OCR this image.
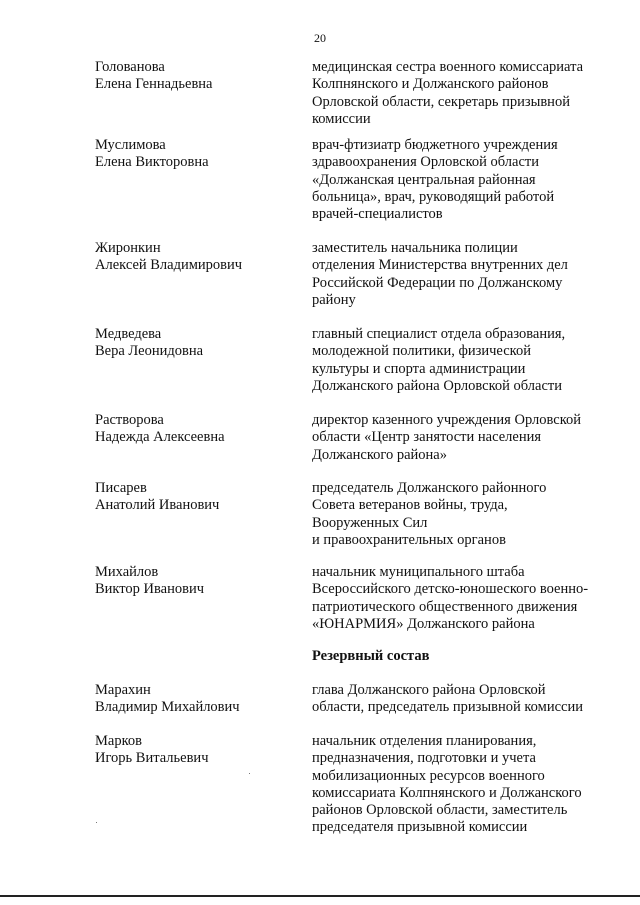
20
Голованова
Елена Геннадьевна
медицинская сестра военного комиссариата
Колпнянского и Должанского районов
Орловской области, секретарь призывной
комиссии
Муслимова
Елена Викторовна
врач-фтизиатр бюджетного учреждения
здравоохранения Орловской области
«Должанская центральная районная
больница», врач, руководящий работой
врачей-специалистов
Жиронкин
Алексей Владимирович
заместитель начальника полиции
отделения Министерства внутренних дел
Российской Федерации по Должанскому
району
Медведева
Вера Леонидовна
главный специалист отдела образования,
молодежной политики, физической
культуры и спорта администрации
Должанского района Орловской области
Растворова
Надежда Алексеевна
директор казенного учреждения Орловской
области «Центр занятости населения
Должанского района»
Писарев
Анатолий Иванович
председатель Должанского районного
Совета ветеранов войны, труда,
Вооруженных Сил
и правоохранительных органов
Михайлов
Виктор Иванович
начальник муниципального штаба
Всероссийского детско-юношеского военно-
патриотического общественного движения
«ЮНАРМИЯ» Должанского района
Резервный состав
Марахин
Владимир Михайлович
глава Должанского района Орловской
области, председатель призывной комиссии
Марков
Игорь Витальевич
начальник отделения планирования,
предназначения, подготовки и учета
мобилизационных ресурсов военного
комиссариата Колпнянского и Должанского
районов Орловской области, заместитель
председателя призывной комиссии
